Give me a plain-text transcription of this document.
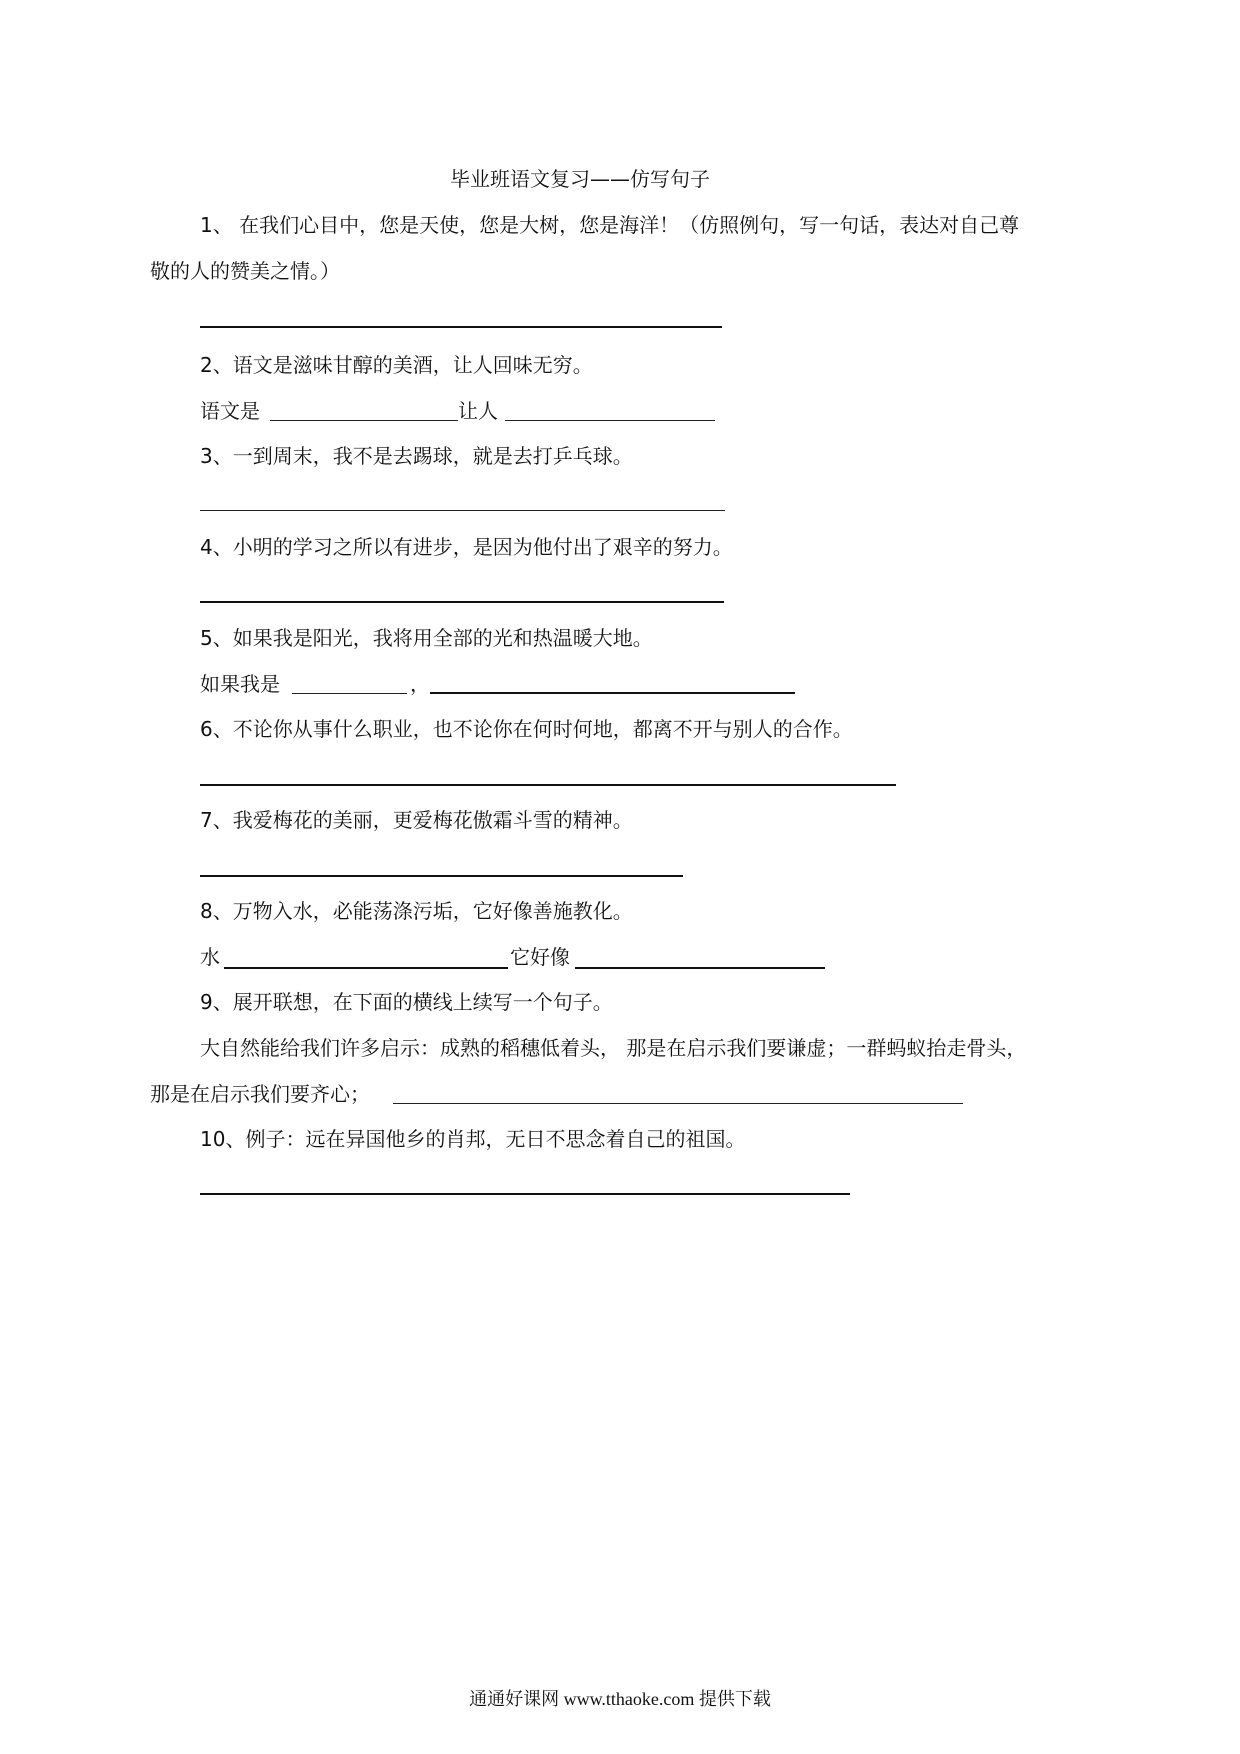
毕业班语文复习——仿写句子
1、 在我们心目中，您是天使，您是大树，您是海洋！（仿照例句，写一句话，表达对自己尊
敬的人的赞美之情。）
2、语文是滋味甘醇的美酒，让人回味无穷。
语文是	让人
3、一到周末，我不是去踢球，就是去打乒乓球。
4、小明的学习之所以有进步，是因为他付出了艰辛的努力。
5、如果我是阳光，我将用全部的光和热温暖大地。
如果我是	，
6、不论你从事什么职业，也不论你在何时何地，都离不开与别人的合作。
7、我爱梅花的美丽，更爱梅花傲霜斗雪的精神。
8、万物入水，必能荡涤污垢，它好像善施教化。
水	它好像
9、展开联想，在下面的横线上续写一个句子。
大自然能给我们许多启示：成熟的稻穗低着头， 那是在启示我们要谦虚；一群蚂蚁抬走骨头，
那是在启示我们要齐心；
10、例子：远在异国他乡的肖邦，无日不思念着自己的祖国。
通通好课网 www.tthaoke.com 提供下载
